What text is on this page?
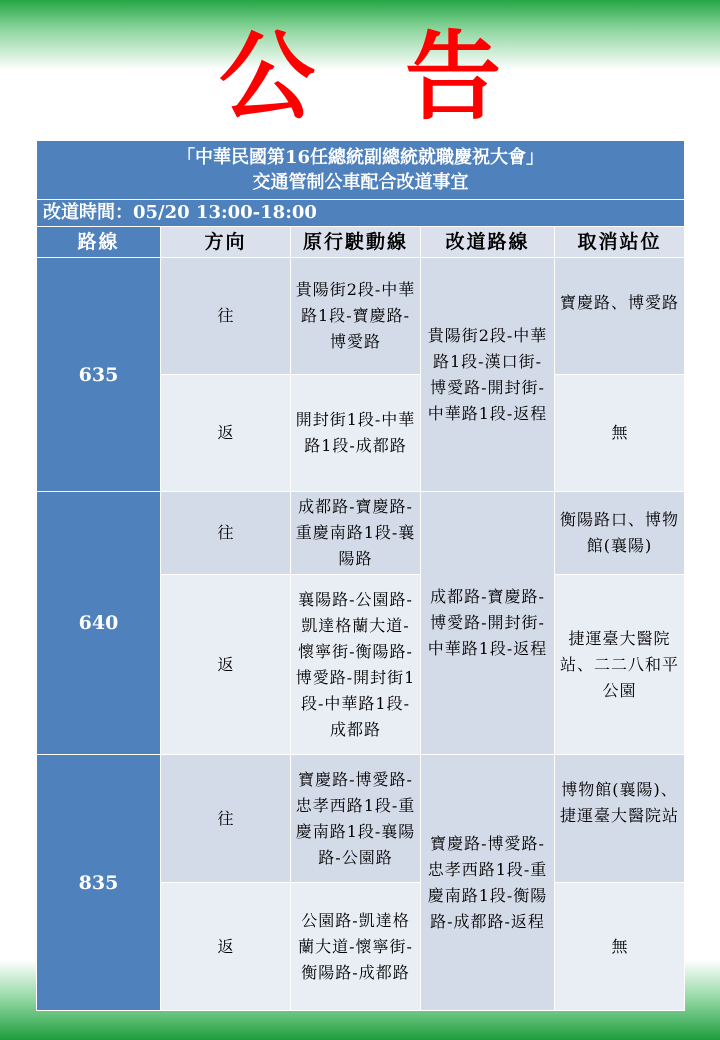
公告
「中華民國第16任總統副總統就職慶祝大會」
交通管制公車配合改道事宜				

改道時間：05/20 13:00-18:00				
路線	方向	原行駛動線	改道路線	取消站位
635	往	貴陽街2段-中華路1段-寶慶路-博愛路	貴陽街2段-中華路1段-漢口街-博愛路-開封街-中華路1段-返程	寶慶路、博愛路

	返	開封街1段-中華路1段-成都路		無
640	往	成都路-寶慶路-重慶南路1段-襄陽路	成都路-寶慶路-博愛路-開封街-中華路1段-返程	衡陽路口、博物館(襄陽)

	返	襄陽路-公園路-凱達格蘭大道-懷寧街-衡陽路-博愛路-開封街1段-中華路1段-成都路		捷運臺大醫院站、二二八和平公園

835	往	寶慶路-博愛路-忠孝西路1段-重慶南路1段-襄陽路-公園路	寶慶路-博愛路-忠孝西路1段-重慶南路1段-衡陽路-成都路-返程	博物館(襄陽)、捷運臺大醫院站

	返	公園路-凱達格蘭大道-懷寧街-衡陽路-成都路		無
